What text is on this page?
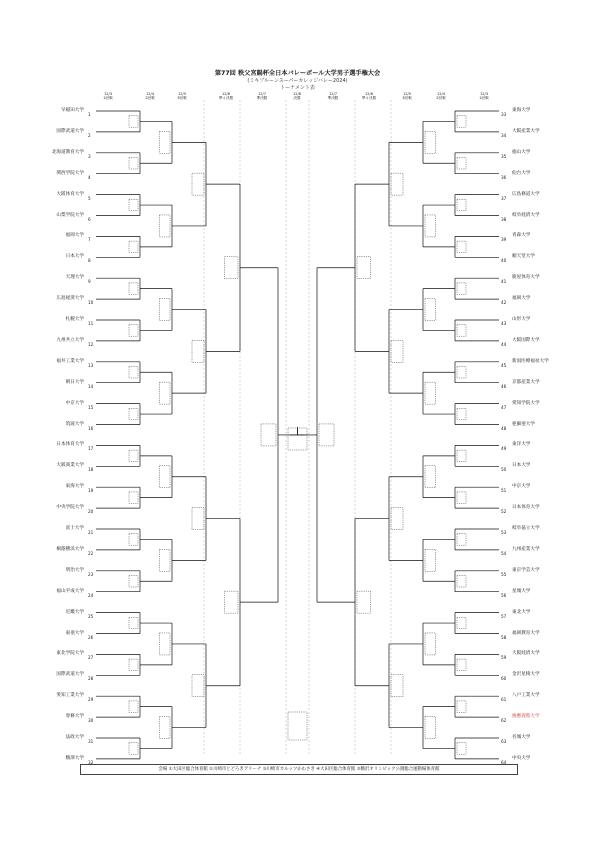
第77回 秩父宮賜杯全日本バレーボール大学男子選手権大会
(ミキプルーンスーパーカレッジバレー2024)
トーナメント表
12/3
1回戦
12/4
2回戦
12/5
3回戦
12/6
準々決勝
12/7
準決勝
12/8
決勝
12/7
準決勝
12/6
準々決勝
12/5
3回戦
12/4
2回戦
12/3
1回戦
早稲田大学
1
国際武道大学
2
北海道教育大学
3
関西学院大学
4
大阪体育大学
5
山梨学院大学
6
福岡大学
7
日本大学
8
天理大学
9
広島経済大学
10
札幌大学
11
九州共立大学
12
福井工業大学
13
朝日大学
14
中京大学
15
筑波大学
16
日本体育大学
17
大阪商業大学
18
東海大学
19
中央学院大学
20
富士大学
21
桐蔭横浜大学
22
明治大学
23
福山平成大学
24
近畿大学
25
東亜大学
26
東北学院大学
27
国際武道大学
28
愛知工業大学
29
専修大学
30
法政大学
31
駒澤大学
32
東海大学
33
大阪産業大学
34
徳山大学
35
仙台大学
36
広島修道大学
37
岐阜経済大学
38
青森大学
39
順天堂大学
40
鹿屋体育大学
41
福岡大学
42
山形大学
43
大阪国際大学
44
新潟医療福祉大学
45
京都産業大学
46
愛知学院大学
47
亜細亜大学
48
東洋大学
49
日本大学
50
中京大学
51
日本体育大学
52
岐阜協立大学
53
九州産業大学
54
東京学芸大学
55
星城大学
56
東北大学
57
福岡教育大学
58
大阪経済大学
59
金沢星稜大学
60
八戸工業大学
61
慶應義塾大学
62
名城大学
63
中央大学
64
会場 ①大田区総合体育館 ②川崎市とどろきアリーナ ③川崎市カルッツかわさき ④大田区総合体育館 ⑤駒沢オリンピック公園総合運動場体育館
